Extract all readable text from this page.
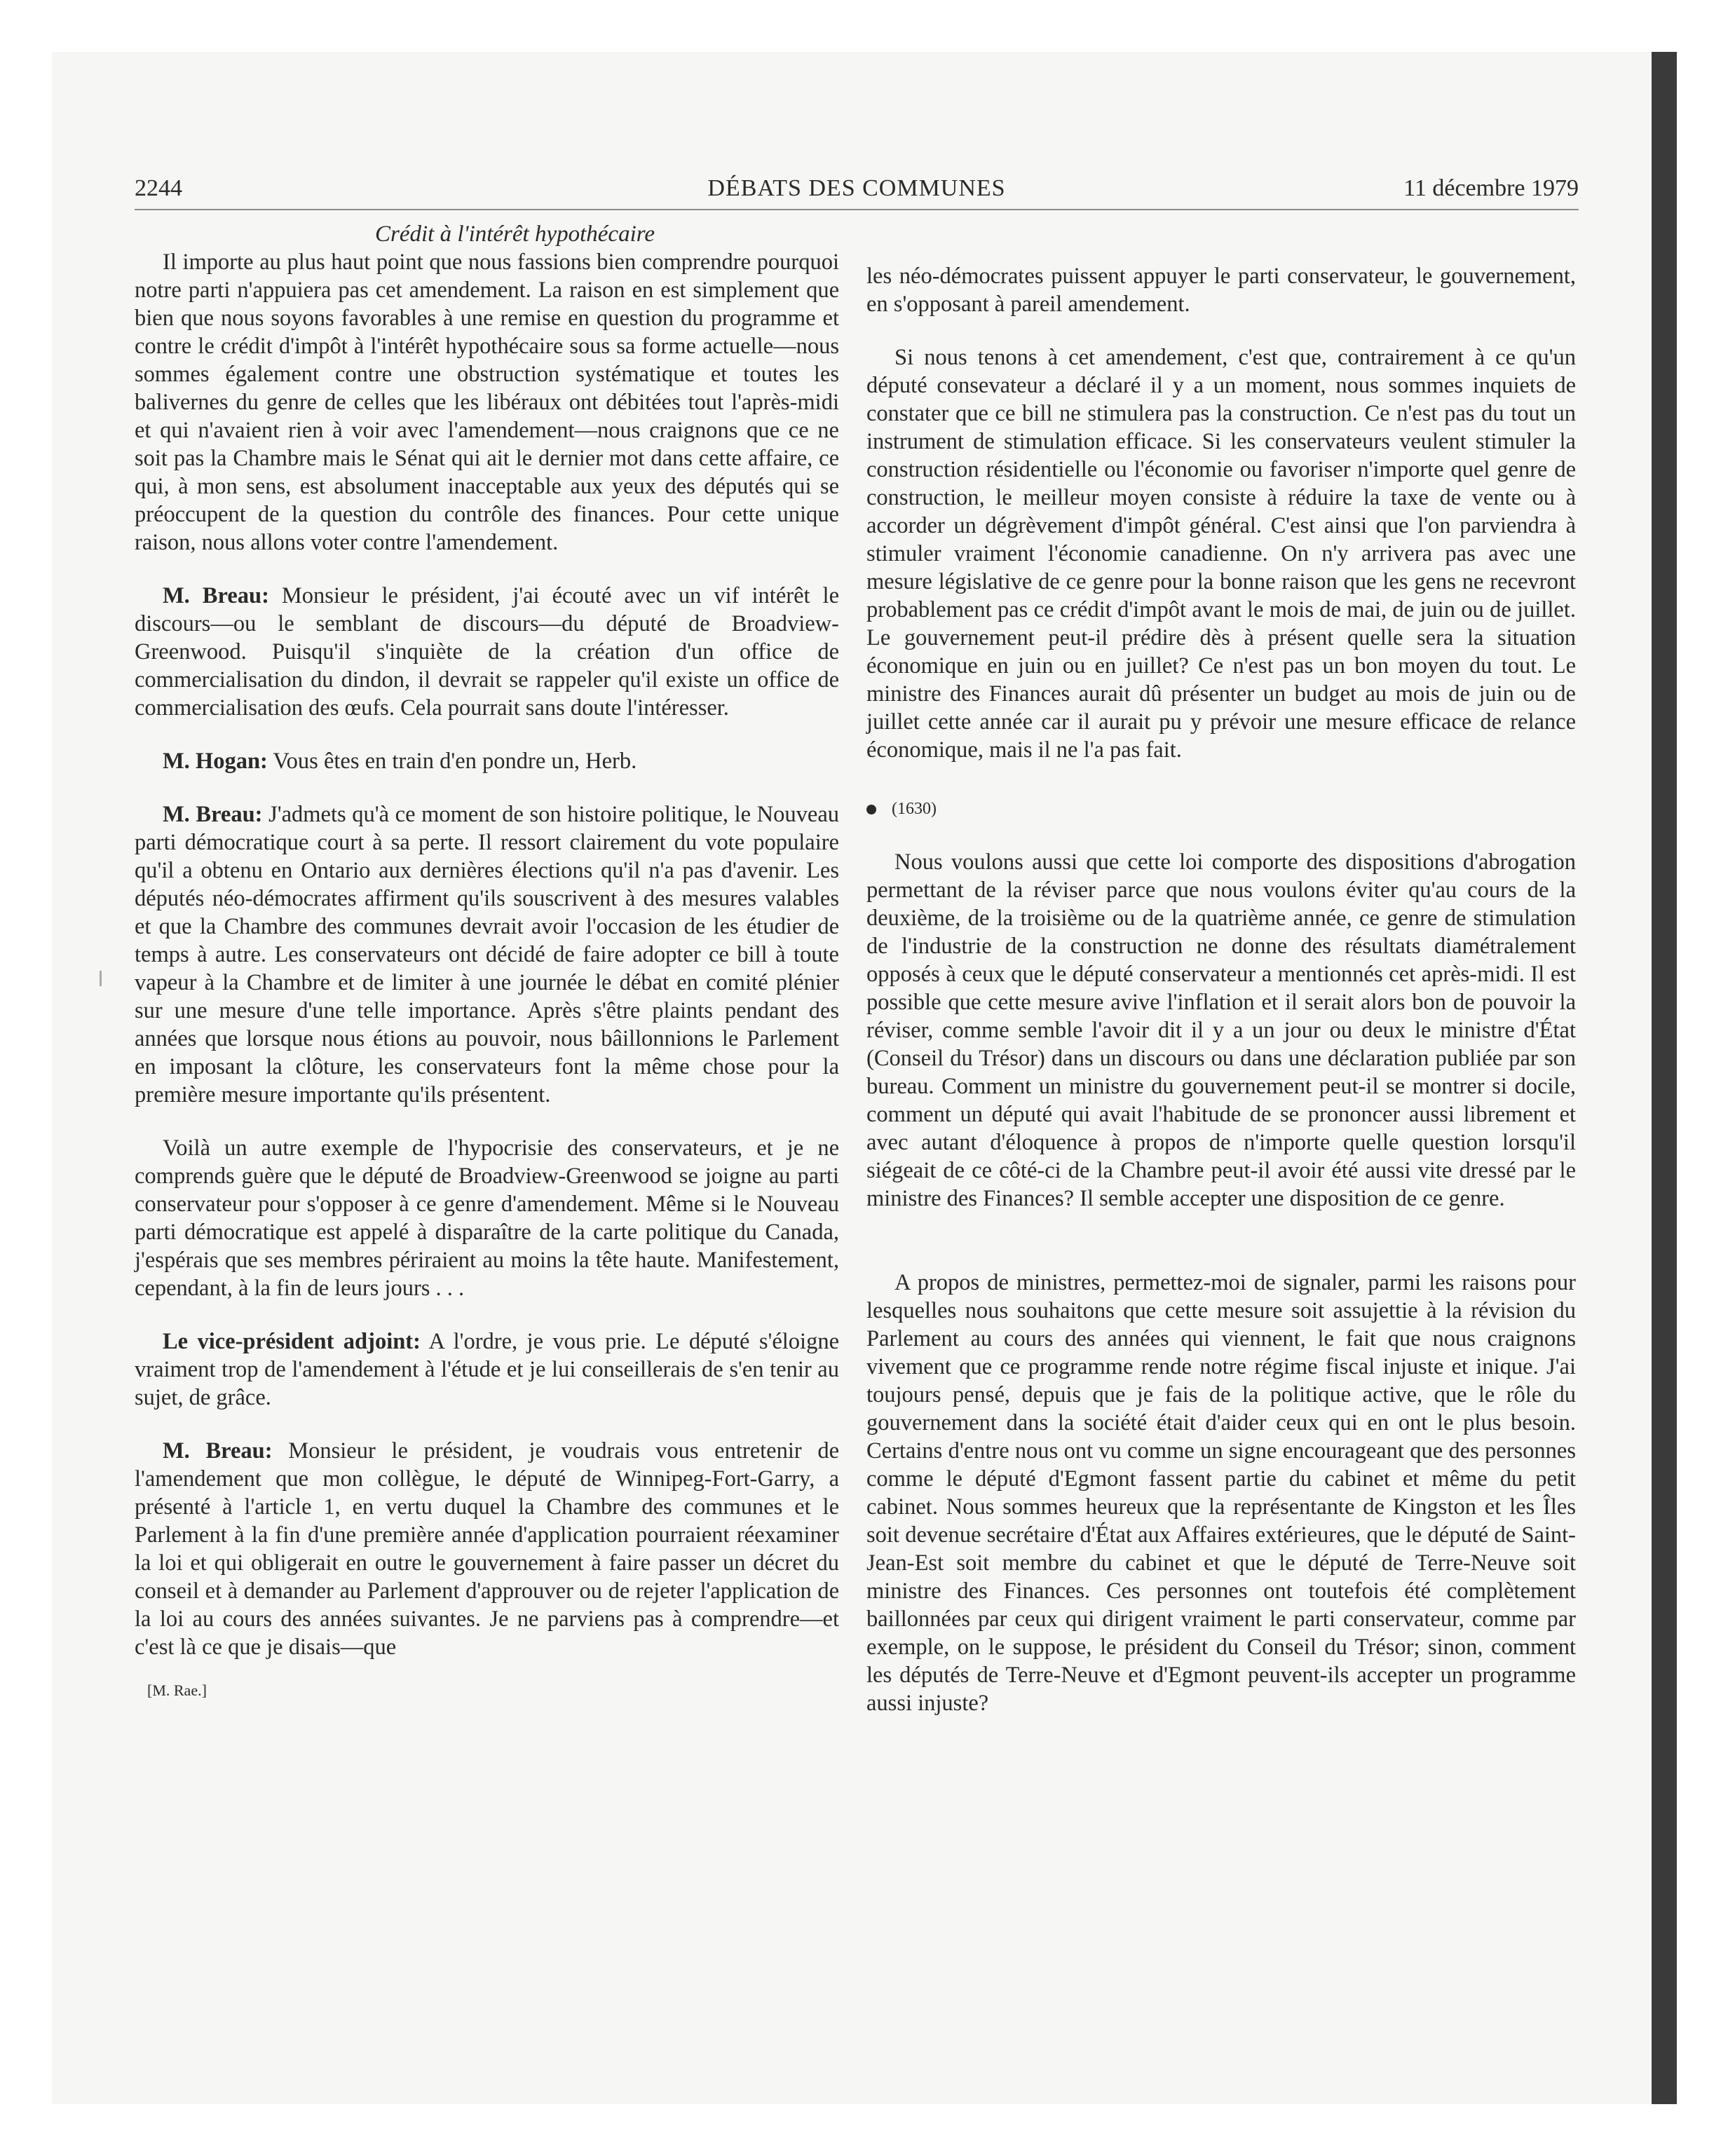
2244	DÉBATS DES COMMUNES	11 décembre 1979

Crédit à l'intérêt hypothécaire

Il importe au plus haut point que nous fassions bien comprendre pourquoi notre parti n'appuiera pas cet amendement. La raison en est simplement que bien que nous soyons favorables à une remise en question du programme et contre le crédit d'impôt à l'intérêt hypothécaire sous sa forme actuelle—nous sommes également contre une obstruction systématique et toutes les balivernes du genre de celles que les libéraux ont débitées tout l'après-midi et qui n'avaient rien à voir avec l'amendement—nous craignons que ce ne soit pas la Chambre mais le Sénat qui ait le dernier mot dans cette affaire, ce qui, à mon sens, est absolument inacceptable aux yeux des députés qui se préoccupent de la question du contrôle des finances. Pour cette unique raison, nous allons voter contre l'amendement.

M. Breau: Monsieur le président, j'ai écouté avec un vif intérêt le discours—ou le semblant de discours—du député de Broadview-Greenwood. Puisqu'il s'inquiète de la création d'un office de commercialisation du dindon, il devrait se rappeler qu'il existe un office de commercialisation des œufs. Cela pourrait sans doute l'intéresser.

M. Hogan: Vous êtes en train d'en pondre un, Herb.

M. Breau: J'admets qu'à ce moment de son histoire politique, le Nouveau parti démocratique court à sa perte. Il ressort clairement du vote populaire qu'il a obtenu en Ontario aux dernières élections qu'il n'a pas d'avenir. Les députés néo-démocrates affirment qu'ils souscrivent à des mesures valables et que la Chambre des communes devrait avoir l'occasion de les étudier de temps à autre. Les conservateurs ont décidé de faire adopter ce bill à toute vapeur à la Chambre et de limiter à une journée le débat en comité plénier sur une mesure d'une telle importance. Après s'être plaints pendant des années que lorsque nous étions au pouvoir, nous bâillonnions le Parlement en imposant la clôture, les conservateurs font la même chose pour la première mesure importante qu'ils présentent.

Voilà un autre exemple de l'hypocrisie des conservateurs, et je ne comprends guère que le député de Broadview-Greenwood se joigne au parti conservateur pour s'opposer à ce genre d'amendement. Même si le Nouveau parti démocratique est appelé à disparaître de la carte politique du Canada, j'espérais que ses membres périraient au moins la tête haute. Manifestement, cependant, à la fin de leurs jours . . .

Le vice-président adjoint: A l'ordre, je vous prie. Le député s'éloigne vraiment trop de l'amendement à l'étude et je lui conseillerais de s'en tenir au sujet, de grâce.

M. Breau: Monsieur le président, je voudrais vous entretenir de l'amendement que mon collègue, le député de Winnipeg-Fort-Garry, a présenté à l'article 1, en vertu duquel la Chambre des communes et le Parlement à la fin d'une première année d'application pourraient réexaminer la loi et qui obligerait en outre le gouvernement à faire passer un décret du conseil et à demander au Parlement d'approuver ou de rejeter l'application de la loi au cours des années suivantes. Je ne parviens pas à comprendre—et c'est là ce que je disais—que

[M. Rae.]

les néo-démocrates puissent appuyer le parti conservateur, le gouvernement, en s'opposant à pareil amendement.

Si nous tenons à cet amendement, c'est que, contrairement à ce qu'un député consevateur a déclaré il y a un moment, nous sommes inquiets de constater que ce bill ne stimulera pas la construction. Ce n'est pas du tout un instrument de stimulation efficace. Si les conservateurs veulent stimuler la construction résidentielle ou l'économie ou favoriser n'importe quel genre de construction, le meilleur moyen consiste à réduire la taxe de vente ou à accorder un dégrèvement d'impôt général. C'est ainsi que l'on parviendra à stimuler vraiment l'économie canadienne. On n'y arrivera pas avec une mesure législative de ce genre pour la bonne raison que les gens ne recevront probablement pas ce crédit d'impôt avant le mois de mai, de juin ou de juillet. Le gouvernement peut-il prédire dès à présent quelle sera la situation économique en juin ou en juillet? Ce n'est pas un bon moyen du tout. Le ministre des Finances aurait dû présenter un budget au mois de juin ou de juillet cette année car il aurait pu y prévoir une mesure efficace de relance économique, mais il ne l'a pas fait.

(1630)

Nous voulons aussi que cette loi comporte des dispositions d'abrogation permettant de la réviser parce que nous voulons éviter qu'au cours de la deuxième, de la troisième ou de la quatrième année, ce genre de stimulation de l'industrie de la construction ne donne des résultats diamétralement opposés à ceux que le député conservateur a mentionnés cet après-midi. Il est possible que cette mesure avive l'inflation et il serait alors bon de pouvoir la réviser, comme semble l'avoir dit il y a un jour ou deux le ministre d'État (Conseil du Trésor) dans un discours ou dans une déclaration publiée par son bureau. Comment un ministre du gouvernement peut-il se montrer si docile, comment un député qui avait l'habitude de se prononcer aussi librement et avec autant d'éloquence à propos de n'importe quelle question lorsqu'il siégeait de ce côté-ci de la Chambre peut-il avoir été aussi vite dressé par le ministre des Finances? Il semble accepter une disposition de ce genre.

A propos de ministres, permettez-moi de signaler, parmi les raisons pour lesquelles nous souhaitons que cette mesure soit assujettie à la révision du Parlement au cours des années qui viennent, le fait que nous craignons vivement que ce programme rende notre régime fiscal injuste et inique. J'ai toujours pensé, depuis que je fais de la politique active, que le rôle du gouvernement dans la société était d'aider ceux qui en ont le plus besoin. Certains d'entre nous ont vu comme un signe encourageant que des personnes comme le député d'Egmont fassent partie du cabinet et même du petit cabinet. Nous sommes heureux que la représentante de Kingston et les Îles soit devenue secrétaire d'État aux Affaires extérieures, que le député de Saint-Jean-Est soit membre du cabinet et que le député de Terre-Neuve soit ministre des Finances. Ces personnes ont toutefois été complètement baillonnées par ceux qui dirigent vraiment le parti conservateur, comme par exemple, on le suppose, le président du Conseil du Trésor; sinon, comment les députés de Terre-Neuve et d'Egmont peuvent-ils accepter un programme aussi injuste?
